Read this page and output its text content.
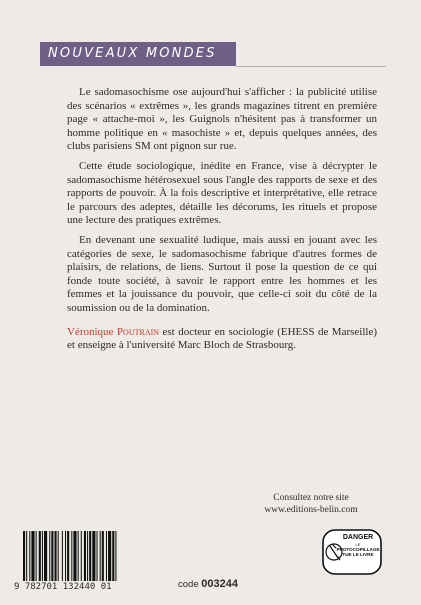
NOUVEAUX MONDES

Le sadomasochisme ose aujourd'hui s'afficher : la publicité utilise des scénarios « extrêmes », les grands magazines titrent en première page « attache-moi », les Guignols n'hésitent pas à transformer un homme politique en « masochiste » et, depuis quelques années, des clubs parisiens SM ont pignon sur rue.

Cette étude sociologique, inédite en France, vise à décrypter le sadomasochisme hétérosexuel sous l'angle des rapports de sexe et des rapports de pouvoir. À la fois descriptive et interprétative, elle retrace le parcours des adeptes, détaille les décorums, les rituels et propose une lecture des pratiques extrêmes.

En devenant une sexualité ludique, mais aussi en jouant avec les catégories de sexe, le sadomasochisme fabrique d'autres formes de plaisirs, de relations, de liens. Surtout il pose la question de ce qui fonde toute société, à savoir le rapport entre les hommes et les femmes et la jouissance du pouvoir, que celle-ci soit du côté de la soumission ou de la domination.

Véronique Poutrain est docteur en sociologie (EHESS de Marseille) et enseigne à l'université Marc Bloch de Strasbourg.

Consultez notre site
www.editions-belin.com
9 782701 132440 01	code 003244
DANGER
LE
PHOTOCOPILLAGE
TUE LE LIVRE
